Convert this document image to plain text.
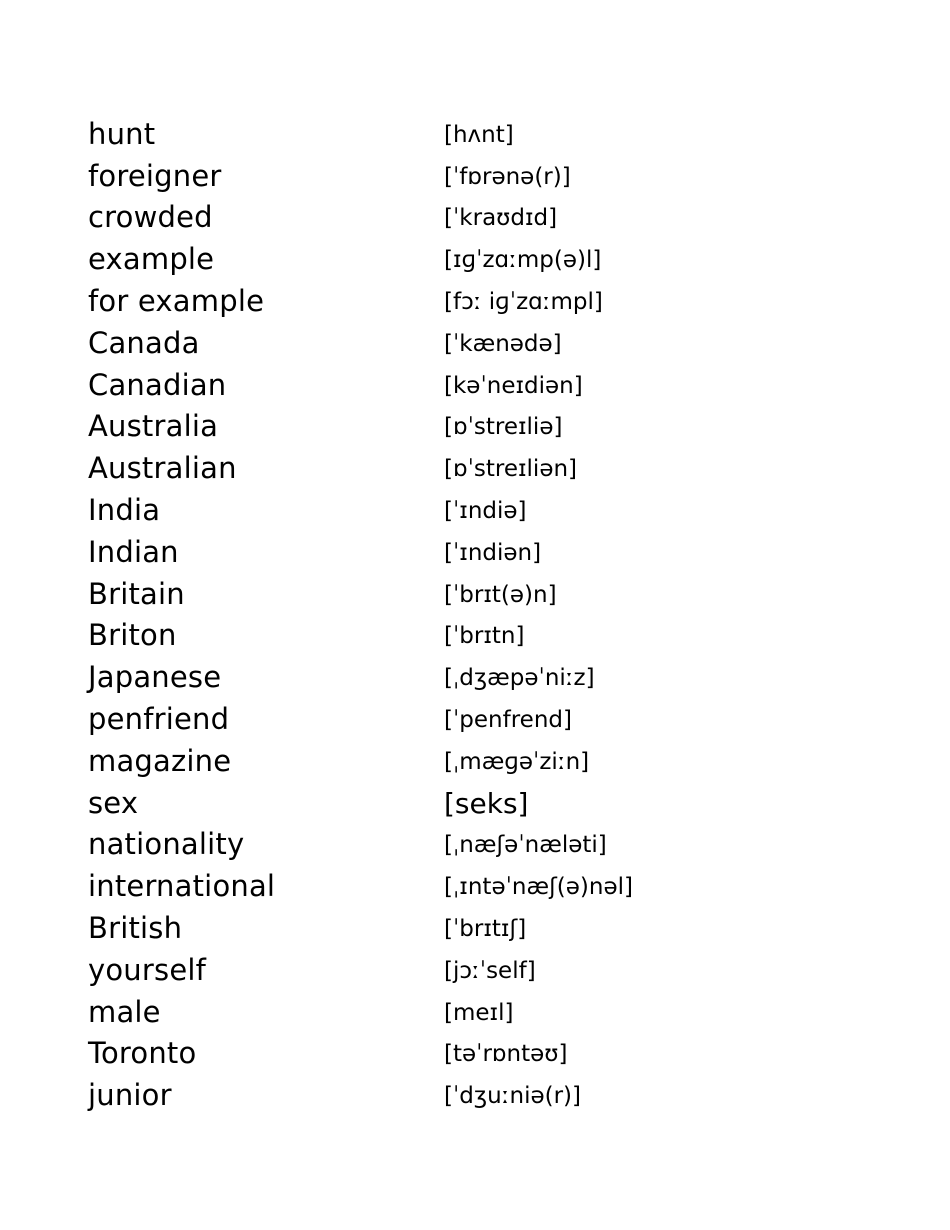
hunt	[hʌnt]
foreigner	[ˈfɒrənə(r)]
crowded	[ˈkraʊdɪd]
example	[ɪɡˈzɑːmp(ə)l]
for example	[fɔː iɡˈzɑːmpl]
Canada	[ˈkænədə]
Canadian	[kəˈneɪdiən]
Australia	[ɒˈstreɪliə]
Australian	[ɒˈstreɪliən]
India	[ˈɪndiə]
Indian	[ˈɪndiən]
Britain	[ˈbrɪt(ə)n]
Briton	[ˈbrɪtn]
Japanese	[ˌdʒæpəˈniːz]
penfriend	[ˈpenfrend]
magazine	[ˌmæɡəˈziːn]
sex	[seks]
nationality	[ˌnæʃəˈnæləti]
international	[ˌɪntəˈnæʃ(ə)nəl]
British	[ˈbrɪtɪʃ]
yourself	[jɔːˈself]
male	[meɪl]
Toronto	[təˈrɒntəʊ]
junior	[ˈdʒuːniə(r)]
